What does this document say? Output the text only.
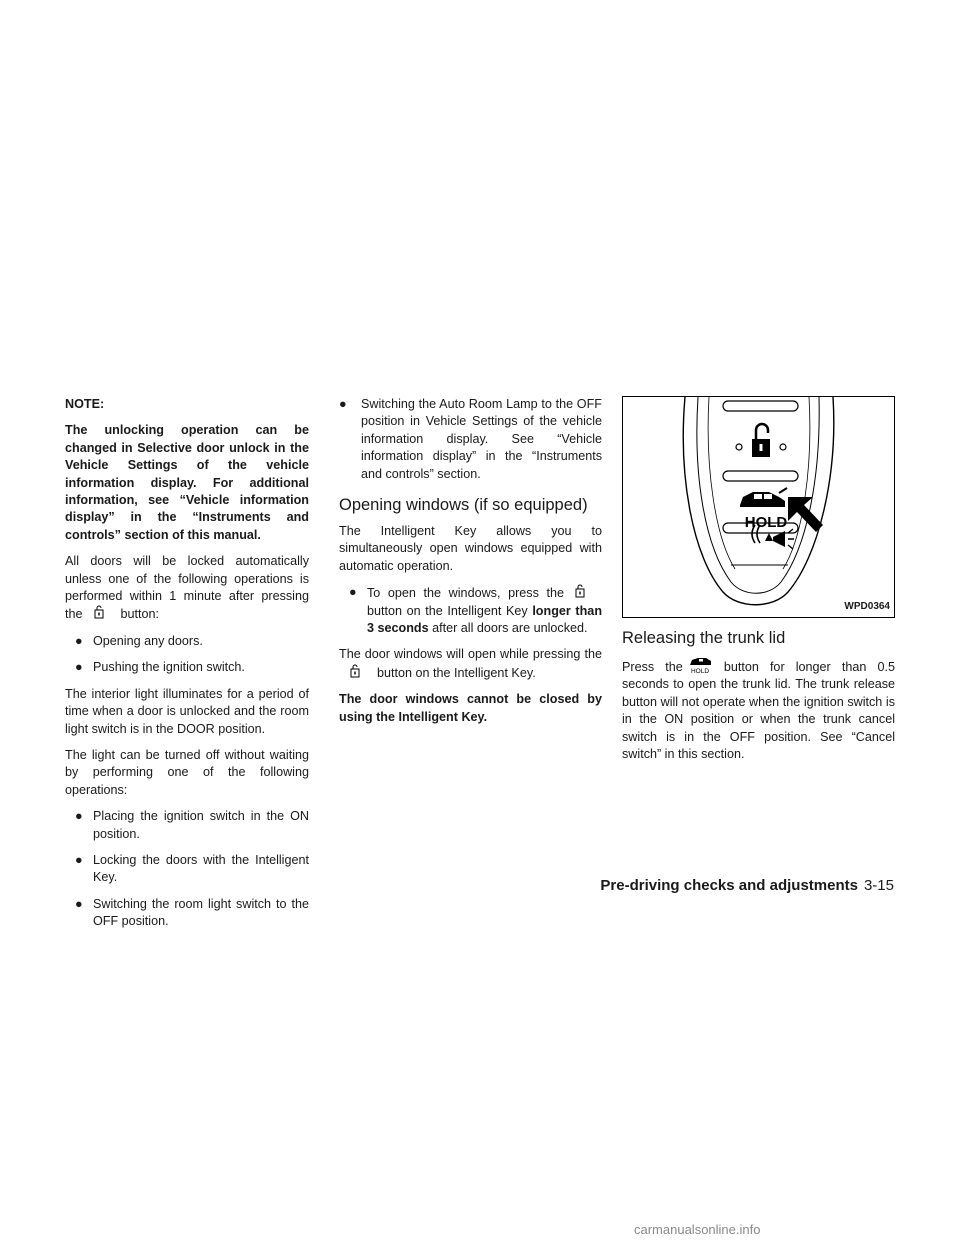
NOTE:

The unlocking operation can be changed in Selective door unlock in the Vehicle Settings of the vehicle information display. For additional information, see “Vehicle information display” in the “Instruments and controls” section of this manual.

All doors will be locked automatically unless one of the following operations is performed within 1 minute after pressing the	button:

● Opening any doors.
● Pushing the ignition switch.

The interior light illuminates for a period of time when a door is unlocked and the room light switch is in the DOOR position.

The light can be turned off without waiting by performing one of the following operations:

● Placing the ignition switch in the ON position.
● Locking the doors with the Intelligent Key.
● Switching the room light switch to the OFF position.
● Switching the Auto Room Lamp to the OFF position in Vehicle Settings of the vehicle information display. See “Vehicle information display” in the “Instruments and controls” section.
Opening windows (if so equipped)

The Intelligent Key allows you to simultaneously open windows equipped with automatic operation.

● To open the windows, press the
button on the Intelligent Key longer than 3 seconds after all doors are unlocked.

The door windows will open while pressing the
button on the Intelligent Key.

The door windows cannot be closed by using the Intelligent Key.

HOLD
WPD0364
Releasing the trunk lid

Press the HOLD button for longer than 0.5 seconds to open the trunk lid. The trunk release button will not operate when the ignition switch is in the ON position or when the trunk cancel switch is in the OFF position. See “Cancel switch” in this section.

Pre-driving checks and adjustments 3-15
carmanualsonline.info
